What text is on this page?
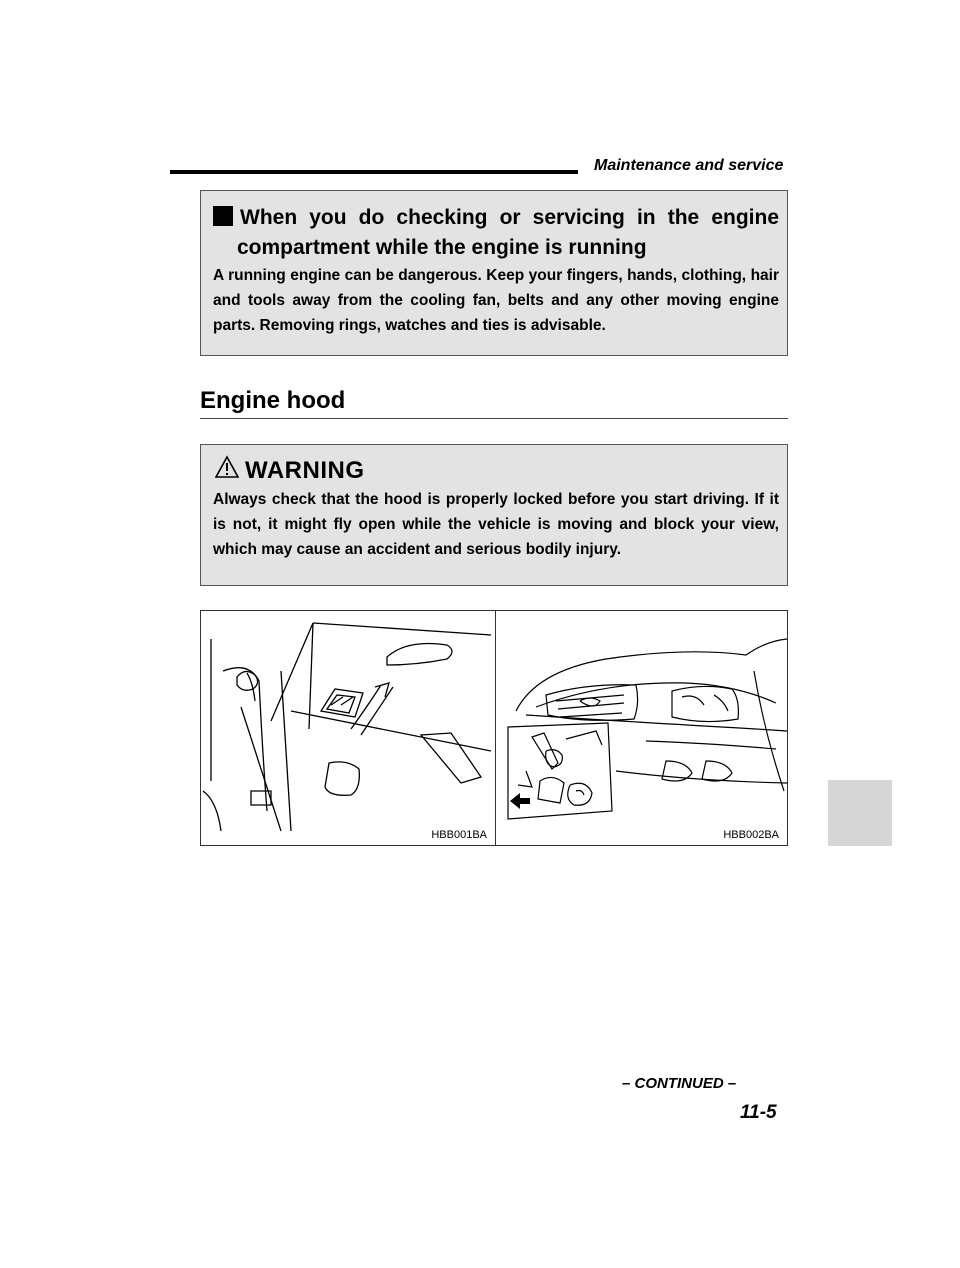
Maintenance and service
When you do checking or servicing in the engine
compartment while the engine is running
A running engine can be dangerous. Keep your fingers, hands, clothing, hair and tools away from the cooling fan, belts and any other moving engine parts. Removing rings, watches and ties is advisable.
Engine hood
WARNING
Always check that the hood is properly locked before you start driving. If it is not, it might fly open while the vehicle is moving and block your view, which may cause an accident and serious bodily injury.
HBB001BA	HBB002BA
– CONTINUED –
11-5
